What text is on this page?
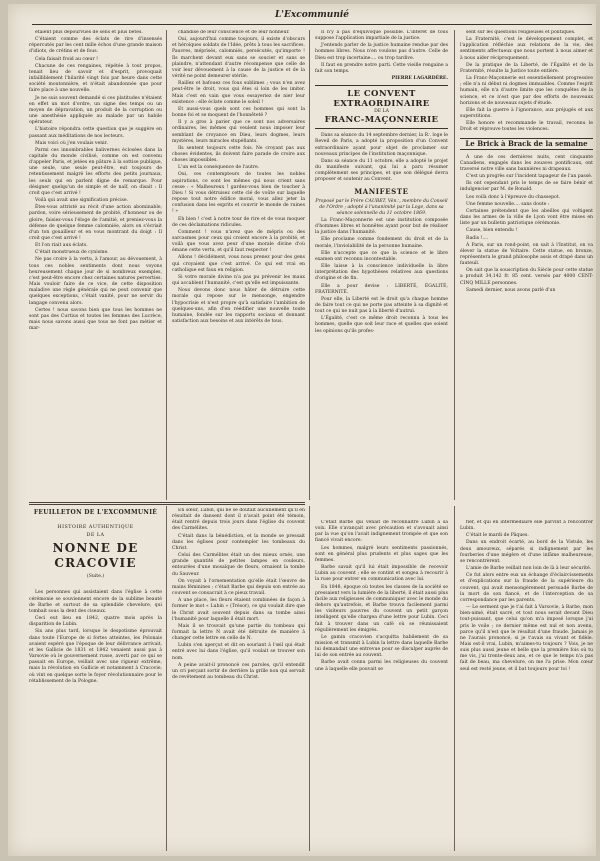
L'Excommunié

étaient plus dépourvues de sens et plus bêtes.

C'étaient comme des éclats de rire d'insensés répercutés par les cent mille échos d'une grande maison d'idiots, de crétins et de fous.

Cela faisait froid au cœur !

Chacune de ces rengaines, répétée à tout propos, tenait lieu de savoir et d'esprit, provoquait infailliblement l'hilarité vingt fois par heure dans cette société moutonnière, et n'était abandonnée que pour faire place à une nouvelle.

Je ne suis souvent demandé si ces platitudes n'étaient en effet un mot d'ordre, un signe des temps ou un moyen de dépravation, un produit de la corruption ou une anesthésie appliquée au malade par un habile opérateur.

L'histoire répondra cette question que je suggère en passant aux méditations de nos lecteurs.

Mais voici où j'en voulais venir.

Parmi ces innombrables balivernes éclosées dans la capitale du monde civilisé, comme on est convenu d'appeler Paris, et jetées en pâture à la sottise publique, une seule, une seule peut-être, eut toujours de retentissement malgré les efforts des petits journaux, les seuls qui en parlent digne de remarque. Pour désigner quelqu'un de simple et de naïf, on disait : Il croit que c'est arrivé !

Voilà qui avait une signification précise.

Êtes-vous attristé au récit d'une action abominable, pardon, voire sérieusement de probité, d'honneur ou de gloire, faisiez-vous l'éloge de l'amitié, et preniez-vous la défense de quelque femme calomniée, alors on s'écriait d'un ton gouailleur et en vous montrant du doigt : Il croit que c'est arrivé !

Et l'on riait aux éclats.

C'était monstrueux de cynisme.

Ne pas croire à la vertu, à l'amour, au dévouement, à tous ces nobles sentiments dont nous voyons heureusement chaque jour de si nombreux exemples, c'est peut-être encore chez certaines natures perverties. Mais vouloir faire de ce vice, de cette disposition maladive une règle générale qui ne peut convenir que quelques exceptions, c'était vanité, pour ne servir du langage convenu alors.

Certes ! nous savons bien que tous les hommes ne sont pas des Curtius et toutes les femmes des Lucrèce, mais nous savons aussi que tous ne font pas métier et mar-

chandise de leur conscience et de leur honneur.

Oui, aujourd'hui comme toujours, il existe d'obscurs et héroïques soldats de l'Idée, prêts à tous les sacrifices. Pauvres, méprisés, calomniés, persécutés, qu'importe ! Ils marchent devant eux sans se soucier et sans se plaindre, n'attendant d'autre récompense que celle de voir leur dévouement à la cause de la justice et de la vérité ne point demeurer stérile.

Raillez et bafouez ces fous sublimes ; vous n'en avez peut-être le droit, vous qui êtes si loin de les imiter. Mais c'est en vain que vous essayeriez de nier leur existence : elle éclate comme le soleil !

Et aussi-vous quels sont ces hommes qui sont la bonne foi et se moquent de l'honnêteté ?

Il y a gros à parier que ce sont nos adversaires ordinaires, les mêmes qui veulent nous imposer leur semblant de croyance en Dieu, leurs dogmes, leurs mystères, leurs miracles stupéfiants.

Ils sentent toujours cette fois. Ne croyant pas aux choses évidentes, ils doivent faire parade de croire aux choses impossibles.

L'un est la conséquence de l'autre.

Oui, ces contempteurs de toutes les nobles aspirations, ce sont les mêmes qui nous crient sans cesse : « Malheureux ! gardez-vous bien de toucher à Dieu ! Si vous détruisez cette clé de voûte sur laquelle repose tout notre édifice moral, vous allez jeter la confusion dans les esprits et couvrir le monde de ruines ! »

Eh bien ! c'est à notre tour de rire et de vous moquer de ces déclamations ridicules.

Comment ! vous n'avez que de mépris ou des sarcasmes pour ceux qui croient encore à la probité, et voilà que vous avez peur d'une morale divine d'où émane cette vertu, et qu'il faut respecter !

Allons ! décidément, vous nous prenez pour des gens qui croyaient que c'est arrivé. Ce qui est vrai en catholique est faux en religion.

Si votre morale divine n'a pas pu prévenir les maux qui accablent l'humanité, c'est qu'elle est impuissante.

Nous devons donc nous hâter de détruire cette morale qui repose sur le mensonge, engendre l'hypocrisie et n'est propre qu'à satisfaire l'ambition de quelques-uns, afin d'en réédifier une nouvelle toute humaine, fondée sur les rapports sociaux et donnant satisfaction aux besoins et aux intérêts de tous.

Il n'y a pas d'équivoque possible. L'intérêt de tous suppose l'application impartiale de la justice.

J'entends parler de la justice humaine rendue par des hommes libres. Nous n'en voulons pas d'autre. Celle de Dieu est trop incertaine.... ou trop tardive.

Il faut en prendre notre parti. Cette vieille rengaine a fait son temps.

PIERRE LAGARDÈRE.

LE CONVENT EXTRAORDINAIRE
DE LA
FRANC-MAÇONNERIE

Dans sa séance du 14 septembre dernier, la R∴ loge le Reveil de Paris, a adopté la proposition d'un Convent extraordinaire ayant pour objet de proclamer sur nouveaux principes de l'institution maçonnique.

Dans sa séance du 11 octobre, elle a adopté le projet du manifeste suivant, qui lui a paru résumer complètement ses principes, et que son délégué devra proposer et soutenir au Convent.

MANIFESTE

Proposé par le Frère CAUBET, Vén∴, membre du Conseil de l'Ordre ; adopté à l'unanimité par la Loge, dans sa séance solennelle du 11 octobre 1869.

La Franc-Maçonnerie est une institution composée d'hommes libres et honnêtes ayant pour but de réaliser la justice dans l'humanité.

Elle proclame comme fondement du droit et de la morale, l'inviolabilité de la personne humaine.

Elle n'accepte que ce que la science et le libre examen ont reconnu incontestable.

Elle laisse à la conscience individuelle la libre interprétation des hypothèses relatives aux questions d'origine et de fin.

Elle a pour devise : LIBERTÉ, ÉGALITÉ, FRATERNITÉ.

Pour elle, la Liberté est le droit qu'a chaque homme de faire tout ce qui ne porte pas atteinte à sa dignité et tout ce qui ne nuit pas à la liberté d'autrui.

L'Égalité, c'est ce même droit reconnu à tous les hommes, quelle que soit leur race et quelles que soient les opinions qu'ils profes-

sent sur les questions religieuses et politiques.

La Fraternité, c'est le développement complet, et l'application réfléchie aux relations de la vie, des sentiments affectueux que nous portent à nous aimer et à nous aider réciproquement.

De la pratique de la Liberté, de l'Égalité et de la Fraternité, résulte la Justice toute entière.

La Franc-Maçonnerie est essentiellement progressive ; elle n'a ni début ni dogmes immuables. Comme l'esprit humain, elle n'a d'autre limite que les conquêtes de la science, et ce n'est que par des efforts de nouveaux horizons et de nouveaux sujets d'étude.

Elle fait la guerre à l'ignorance, aux préjugés et aux superstitions.

Elle honore et recommande le travail, reconnu le Droit et réprouve toutes les violences.

Le Brick à Brack de la semaine

À une de ces dernières nuits, cent cinquante Canadiens, engagés dans les zouaves pontificaux, ont traversé notre ville sans bannières ni drapeaux.

C'est un progrès sur l'incident tapageur de l'an passé.

Ils ont cependant pris le temps de se faire bénir et indulgencier par M. de Bonald.

Les voilà donc à l'épreuve du chassepot.

Une femme nouvelle.... sans doute :

Certaines prétendent que les abeilles qui voltigent dans les armes de la ville de Lyon vont être mises en liste par un bulletin patriotique cérémonie.

Cause, bien entendu !

Radis !....

À Paris, sur un rond-point, on sait à l'Institut, on va élever la statue de Voltaire. Cette statue, en bronze, représentera le grand philosophe assis et drapé dans un fauteuil.

On sait que la souscription du Siècle pour cette statue a produit 34,142 fr. 85 cent. versés par 4000 CENT-CINQ MILLE personnes.

Samedi dernier, nous avons parlé d'un

FEUILLETON DE L'EXCOMMUNIÉ
HISTOIRE AUTHENTIQUE
DE LA
NONNE DE CRACOVIE
(Suite.)

Les personnes qui assistaient dans l'église à cette cérémonie se souviennent encore de la sublime beauté de Barbe et surtout de sa splendide chevelure, qui tombait sous la dent des ciseaux.

Ceci eut lieu en 1842, quatre mois après la disparition de Lubin.

Six ans plus tard, lorsque le despotisme éprouvait dans toute l'Europe de si fortes atteintes, les Polonais avaient espéré que l'époque de leur délivrance arrivait, et les Gallicie de 1831 et 1842 venaient aussi pas à Varsovie où le gouvernement russe, averti par ce qui se passait en Europe, veillait avec une rigueur extrême, mais la révolution en Gallicie et notamment à Cracovie, où vint en quelque sorte le foyer révolutionnaire pour le rétablissement de la Pologne.

En sœur, Lubin, qui ne se doutait aucunement qu'il en résultait de dansent dont il n'avait point été témoin, était rentré depuis trois jours dans l'église du couvent des Carmélites.

C'était dans la bénédiction, et la monde se pressait dans les églises pour contempler les tombeaux du Christ.

Celui des Carmélites était un des mieux ornés, une grande quantité de petites lampes en couleurs, entourées d'une mosaïque de fleurs, ornaient la tombe du Sauveur.

On voyait à l'ornementation qu'elle était l'œuvre de mains féminines ; c'était Barbe qui depuis son entrée au couvent se consacrait à ce pieux travail.

A une place, les fleurs étaient combinées de façon à former le mot « Lubin » (Trésor), ce qui voulait dire que le Christ avait souvent depuis dans sa tombe ainsi l'humanité pour laquelle il était mort.

Mais il se trouvait qu'une partie du tombeau qui formait la lettre N avait été détruite de manière à changer cette lettre en celle de N.

Lubin s'en aperçut et dit en souriant à l'œil qui était entré avec lui dans l'église, qu'il voulait se trouver son nom.

A peine avait-il prononcé ces paroles, qu'il entendit un cri perçant sortir de derrière la grille non qui servait de revêtement au tombeau du Christ.

C'était Barbe qui venait de reconnaître Lubin à sa voix. Elle s'avançait avec précaution et s'avouait ainsi par la vue qu'on l'avait indignement trompée et que son fiancé vivait encore.

Les hommes, malgré leurs sentiments passionnés, sont en général plus prudents et plus sages que les femmes.

Barbe savait qu'il lui était impossible de recevoir Lubin au couvent ; elle se contint et songea à recourir à la ruse pour entrer en communication avec lui.

En 1848, époque où toutes les classes de la société se pressaient vers la lumière de la liberté, il était aussi plus facile aux religieuses de communiquer avec le monde du dehors qu'autrefois, et Barbe trouva facilement parmi les visiteurs pauvres du couvent un petit garçon intelligent qu'elle chargea d'une lettre pour Lubin. Ceci fait à trouver dans un café où se réunissaient régulièrement les émigrés.

Le gamin cracovien s'acquitta habilement de sa mission et transmit à Lubin la lettre dans laquelle Barbe lui demandait une entrevue pour se disculper auprès de lui de son entrée au couvent.

Barbe avait connu parmi les religieuses du couvent une à laquelle elle pouvait se

fier, et qui en intermédiaire elle parvint à rencontrer Lubin.

C'était le mardi de Pâques.

Dans un endroit écarté, au bord de la Vistule, les deux amoureux, séparés si indignement par les fourberies d'une mégère et d'une infâme malheureuse, se rencontrèrent.

L'amie de Barbe veillait non loin de là à leur sécurité.

Ce fut alors entre eux un échange d'éclaircissements et d'explications sur la fraude de la supérieure du couvent, qui avait mensongèrement persuadé Barbe de la mort de son fiancé, et de l'interception de sa correspondance par les parents.

— Le serment que je t'ai fait à Varsovie, à Barbe, mon bien-aimé, était sacré, et tout nous serait devant Dieu tout-puissant, que celui qu'on m'a imposé lorsque j'ai pris le voile ; ce dernier même est nul et non avenu, parce qu'il n'est que le résultat d'une fraude. Jamais je ne l'aurais prononcé, si je t'avais su vivant et fidèle. Mais est-il vrai, Lubin, m'aimes-tu toujours ? Vois, je ne suis plus aussi jeune et belle que la première fois où tu me vis, j'ai trente-deux ans, et ce que le temps n'a pas fait de beau, ma chevelure, on me l'a prise. Mon cœur seul est resté jeune, et il bat toujours pour toi !
